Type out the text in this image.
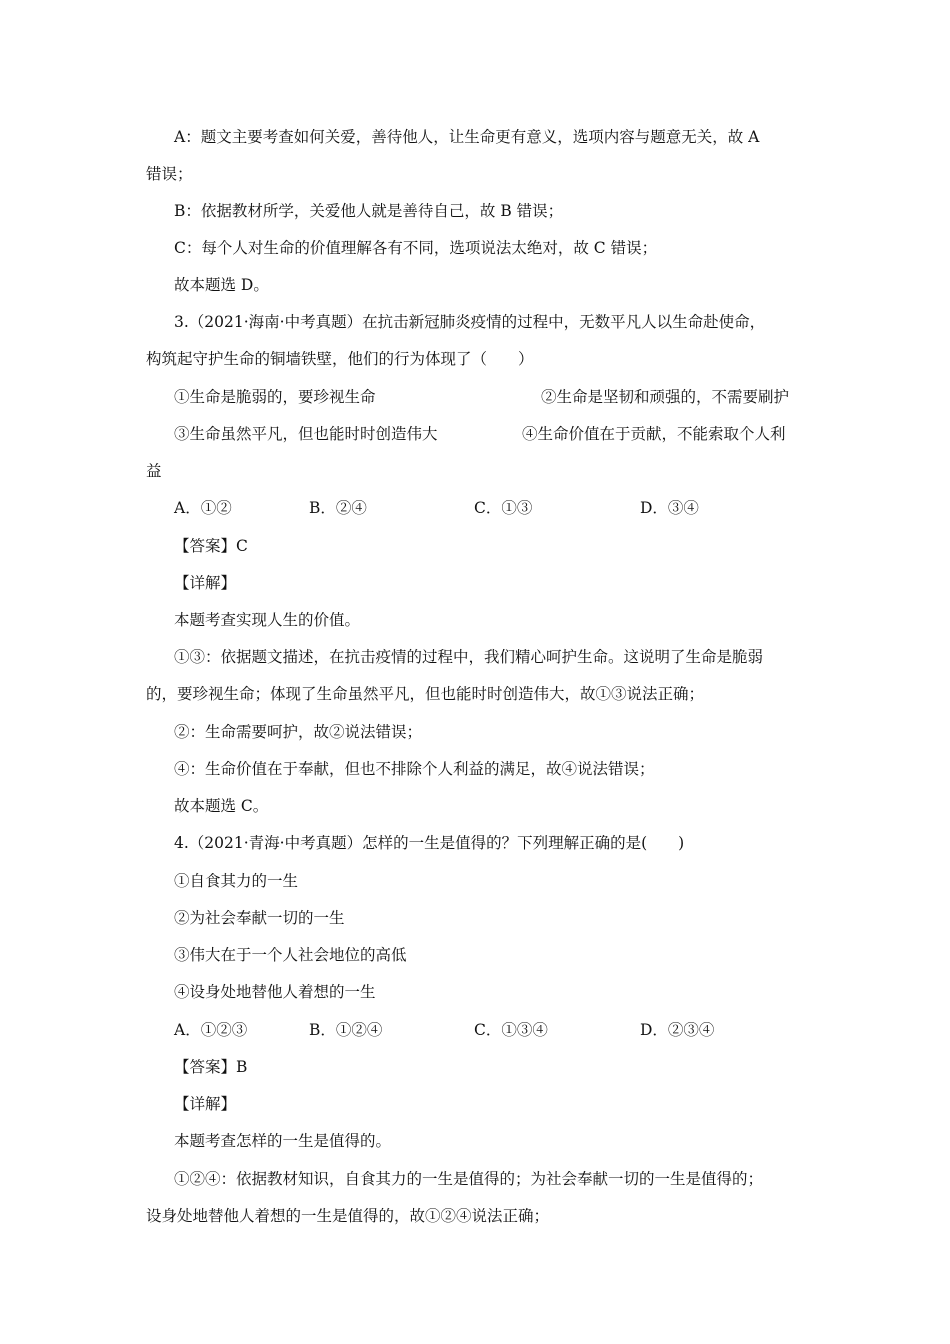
A：题文主要考查如何关爱，善待他人，让生命更有意义，选项内容与题意无关，故 A
错误；
B：依据教材所学，关爱他人就是善待自己，故 B 错误；
C：每个人对生命的价值理解各有不同，选项说法太绝对，故 C 错误；
故本题选 D。
3.（2021·海南·中考真题）在抗击新冠肺炎疫情的过程中，无数平凡人以生命赴使命，
构筑起守护生命的铜墙铁壁，他们的行为体现了（　　）
①生命是脆弱的，要珍视生命	②生命是坚韧和顽强的，不需要刷护
③生命虽然平凡，但也能时时创造伟大	④生命价值在于贡献，不能索取个人利
益
A．①②	B．②④	C．①③	D．③④
【答案】C
【详解】
本题考查实现人生的价值。
①③：依据题文描述，在抗击疫情的过程中，我们精心呵护生命。这说明了生命是脆弱
的，要珍视生命；体现了生命虽然平凡，但也能时时创造伟大，故①③说法正确；
②：生命需要呵护，故②说法错误；
④：生命价值在于奉献，但也不排除个人利益的满足，故④说法错误；
故本题选 C。
4.（2021·青海·中考真题）怎样的一生是值得的？下列理解正确的是(　　)
①自食其力的一生
②为社会奉献一切的一生
③伟大在于一个人社会地位的高低
④设身处地替他人着想的一生
A．①②③	B．①②④	C．①③④	D．②③④
【答案】B
【详解】
本题考查怎样的一生是值得的。
①②④：依据教材知识，自食其力的一生是值得的；为社会奉献一切的一生是值得的；
设身处地替他人着想的一生是值得的，故①②④说法正确；
